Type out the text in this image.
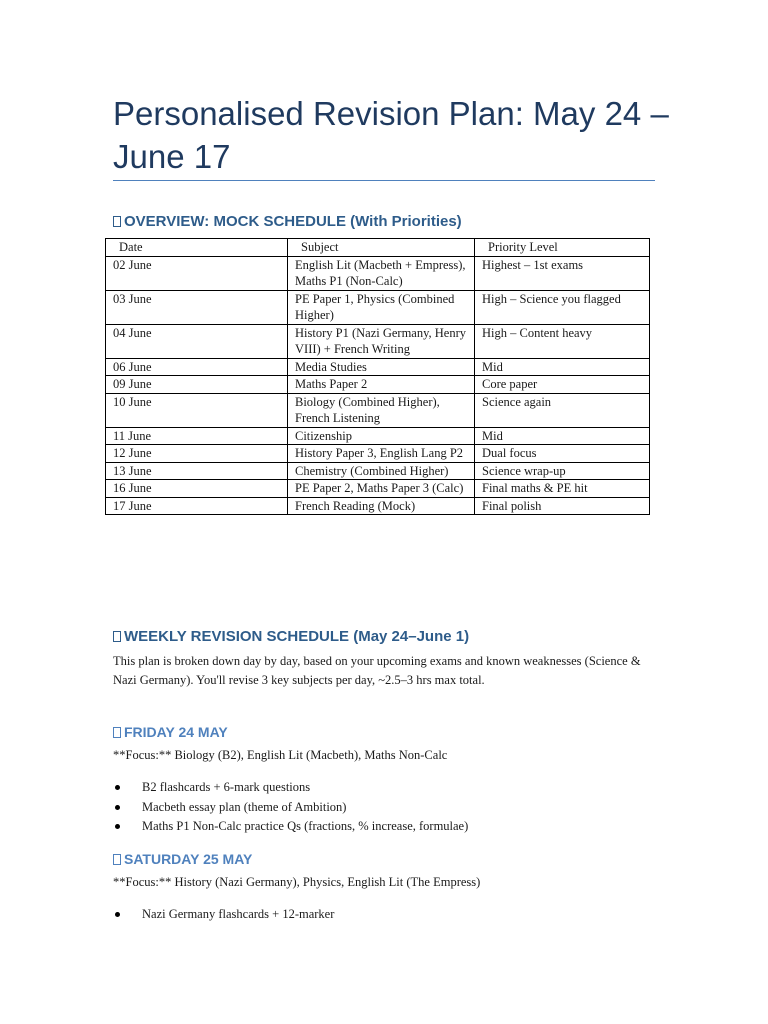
Personalised Revision Plan: May 24 – June 17
OVERVIEW: MOCK SCHEDULE (With Priorities)
Date	Subject	Priority Level
02 June	English Lit (Macbeth + Empress), Maths P1 (Non-Calc)	Highest – 1st exams
03 June	PE Paper 1, Physics (Combined Higher)	High – Science you flagged
04 June	History P1 (Nazi Germany, Henry VIII) + French Writing	High – Content heavy
06 June	Media Studies	Mid
09 June	Maths Paper 2	Core paper
10 June	Biology (Combined Higher), French Listening	Science again
11 June	Citizenship	Mid
12 June	History Paper 3, English Lang P2	Dual focus
13 June	Chemistry (Combined Higher)	Science wrap-up
16 June	PE Paper 2, Maths Paper 3 (Calc)	Final maths & PE hit
17 June	French Reading (Mock)	Final polish
WEEKLY REVISION SCHEDULE (May 24–June 1)

This plan is broken down day by day, based on your upcoming exams and known weaknesses (Science & Nazi Germany). You'll revise 3 key subjects per day, ~2.5–3 hrs max total.

FRIDAY 24 MAY

**Focus:** Biology (B2), English Lit (Macbeth), Maths Non-Calc

B2 flashcards + 6-mark questions
Macbeth essay plan (theme of Ambition)
Maths P1 Non-Calc practice Qs (fractions, % increase, formulae)
SATURDAY 25 MAY

**Focus:** History (Nazi Germany), Physics, English Lit (The Empress)

Nazi Germany flashcards + 12-marker
